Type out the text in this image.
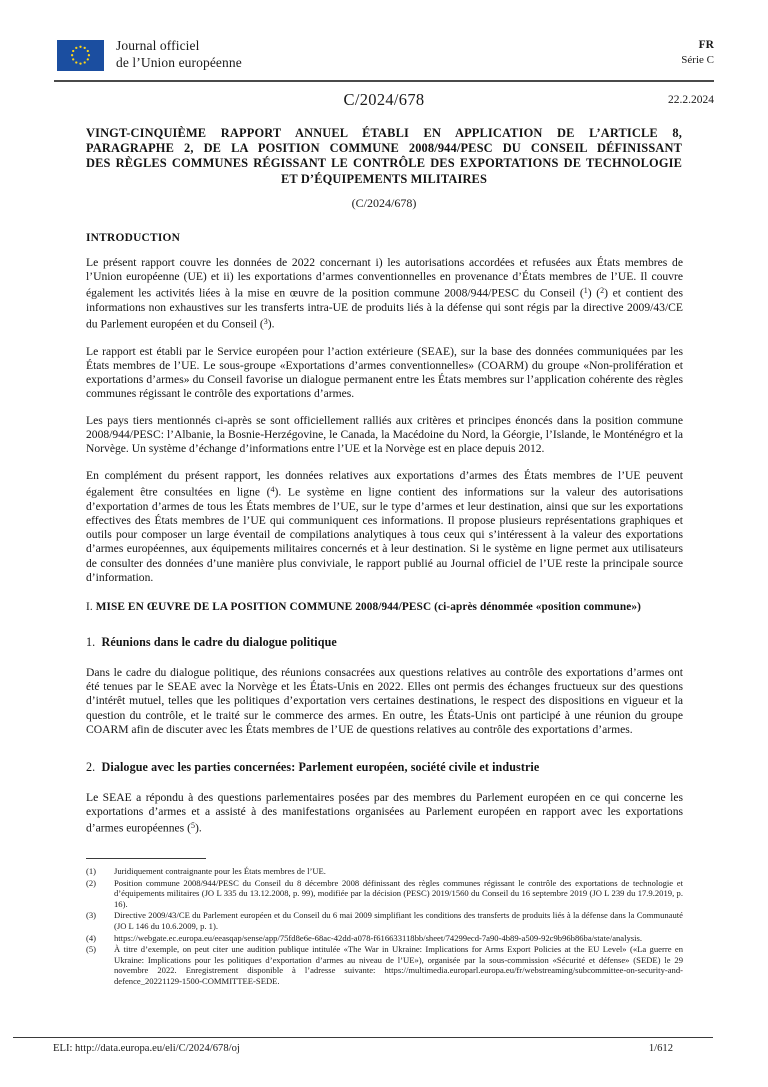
Journal officiel
de l’Union européenne
FR
Série C
C/2024/678	22.2.2024
VINGT-CINQUIÈME RAPPORT ANNUEL ÉTABLI EN APPLICATION DE L’ARTICLE 8,
PARAGRAPHE 2, DE LA POSITION COMMUNE 2008/944/PESC DU CONSEIL DÉFINISSANT
DES RÈGLES COMMUNES RÉGISSANT LE CONTRÔLE DES EXPORTATIONS DE TECHNOLOGIE
ET D’ÉQUIPEMENTS MILITAIRES
(C/2024/678)
INTRODUCTION

Le présent rapport couvre les données de 2022 concernant i) les autorisations accordées et refusées aux États membres de l’Union européenne (UE) et ii) les exportations d’armes conventionnelles en provenance d’États membres de l’UE. Il couvre également les activités liées à la mise en œuvre de la position commune 2008/944/PESC du Conseil ($^1$) ($^2$) et contient des informations non exhaustives sur les transferts intra-UE de produits liés à la défense qui sont régis par la directive 2009/43/CE du Parlement européen et du Conseil ($^3$).

Le rapport est établi par le Service européen pour l’action extérieure (SEAE), sur la base des données communiquées par les États membres de l’UE. Le sous-groupe «Exportations d’armes conventionnelles» (COARM) du groupe «Non-prolifération et exportations d’armes» du Conseil favorise un dialogue permanent entre les États membres sur l’application cohérente des règles communes régissant le contrôle des exportations d’armes.

Les pays tiers mentionnés ci-après se sont officiellement ralliés aux critères et principes énoncés dans la position commune 2008/944/PESC: l’Albanie, la Bosnie-Herzégovine, le Canada, la Macédoine du Nord, la Géorgie, l’Islande, le Monténégro et la Norvège. Un système d’échange d’informations entre l’UE et la Norvège est en place depuis 2012.

En complément du présent rapport, les données relatives aux exportations d’armes des États membres de l’UE peuvent également être consultées en ligne ($^4$). Le système en ligne contient des informations sur la valeur des autorisations d’exportation d’armes de tous les États membres de l’UE, sur le type d’armes et leur destination, ainsi que sur les exportations effectives des États membres de l’UE qui communiquent ces informations. Il propose plusieurs représentations graphiques et outils pour composer un large éventail de compilations analytiques à tous ceux qui s’intéressent à la valeur des exportations d’armes européennes, aux équipements militaires concernés et à leur destination. Si le système en ligne permet aux utilisateurs de consulter des données d’une manière plus conviviale, le rapport publié au Journal officiel de l’UE reste la principale source d’information.

I. MISE EN ŒUVRE DE LA POSITION COMMUNE 2008/944/PESC (ci-après dénommée «position commune»)
1. Réunions dans le cadre du dialogue politique

Dans le cadre du dialogue politique, des réunions consacrées aux questions relatives au contrôle des exportations d’armes ont été tenues par le SEAE avec la Norvège et les États-Unis en 2022. Elles ont permis des échanges fructueux sur des questions d’intérêt mutuel, telles que les politiques d’exportation vers certaines destinations, le respect des dispositions en vigueur et la question du contrôle, et le traité sur le commerce des armes. En outre, les États-Unis ont participé à une réunion du groupe COARM afin de discuter avec les États membres de l’UE de questions relatives au contrôle des exportations d’armes.

2. Dialogue avec les parties concernées: Parlement européen, société civile et industrie

Le SEAE a répondu à des questions parlementaires posées par des membres du Parlement européen en ce qui concerne les exportations d’armes et a assisté à des manifestations organisées au Parlement européen en rapport avec les exportations d’armes européennes ($^5$).

(1)	Juridiquement contraignante pour les États membres de l’UE.
(2)	Position commune 2008/944/PESC du Conseil du 8 décembre 2008 définissant des règles communes régissant le contrôle des exportations de technologie et d’équipements militaires (JO L 335 du 13.12.2008, p. 99), modifiée par la décision (PESC) 2019/1560 du Conseil du 16 septembre 2019 (JO L 239 du 17.9.2019, p. 16).
(3)	Directive 2009/43/CE du Parlement européen et du Conseil du 6 mai 2009 simplifiant les conditions des transferts de produits liés à la défense dans la Communauté (JO L 146 du 10.6.2009, p. 1).
(4)	https://webgate.ec.europa.eu/eeasqap/sense/app/75fd8e6e-68ac-42dd-a078-f616633118bb/sheet/74299ecd-7a90-4b89-a509-92c9b96b86ba/state/analysis.
(5)	À titre d’exemple, on peut citer une audition publique intitulée «The War in Ukraine: Implications for Arms Export Policies at the EU Level» («La guerre en Ukraine: Implications pour les politiques d’exportation d’armes au niveau de l’UE»), organisée par la sous-commission «Sécurité et défense» (SEDE) le 29 novembre 2022. Enregistrement disponible à l’adresse suivante: https://multimedia.europarl.europa.eu/fr/webstreaming/subcommittee-on-security-and-defence_20221129-1500-COMMITTEE-SEDE.
ELI: http://data.europa.eu/eli/C/2024/678/oj	1/612
